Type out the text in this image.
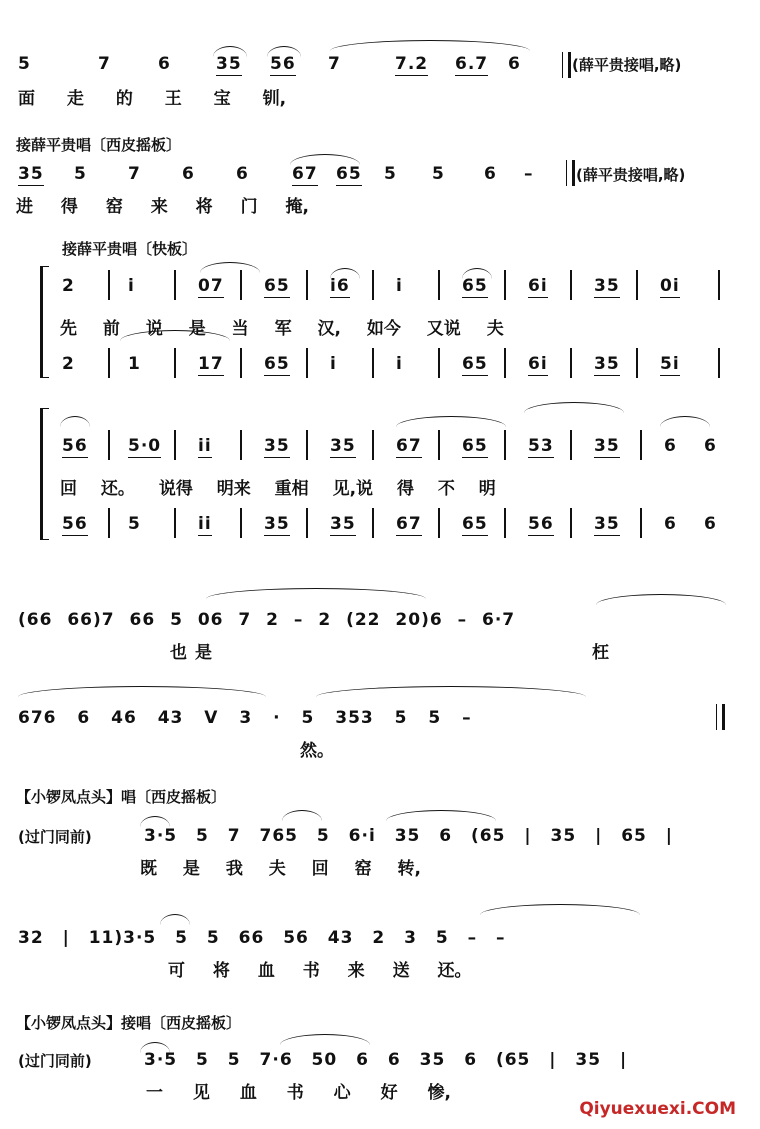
5	7	6	35 56 7	7.2 6.7 6	(薛平贵接唱,略)
面 走 的 王 宝 钏,
接薛平贵唱〔西皮摇板〕
35 5 7 6 6	67 65 5 5 6 –	(薛平贵接唱,略)
进 得 窑 来 将 门 掩,
接薛平贵唱〔快板〕
2	i	07 65 i6	i	65 6i	35 0i
先 前 说 是 当 军 汉, 如今 又说 夫
2	1	17 65 i	i	65 6i	35 5i
56 5·0 ii	35 35 67 65 53 35	6 6
回 还。 说得 明来 重相 见,说 得 不 明
56 5	ii	35 35 67 65 56 35	6 6
(66 66)7 66 5 06 7 2 – 2 (22 20)6 – 6·7
也是	枉
676 6 46 43 V 3 · 5 353 5 5 –
然。
【小锣凤点头】唱〔西皮摇板〕
(过门同前)	3·5 5 7 765 5 6·i 35 6 (65 | 35 | 65 |
既 是 我 夫 回 窑 转,
32 | 11)3·5 5 5 66 56 43 2 3 5 – –
可 将 血 书 来 送 还。
【小锣凤点头】接唱〔西皮摇板〕
(过门同前)	3·5 5 5 7·6 50 6 6 35 6 (65 | 35 |
一 见 血 书 心 好 惨,
Qiyuexuexi.COM
